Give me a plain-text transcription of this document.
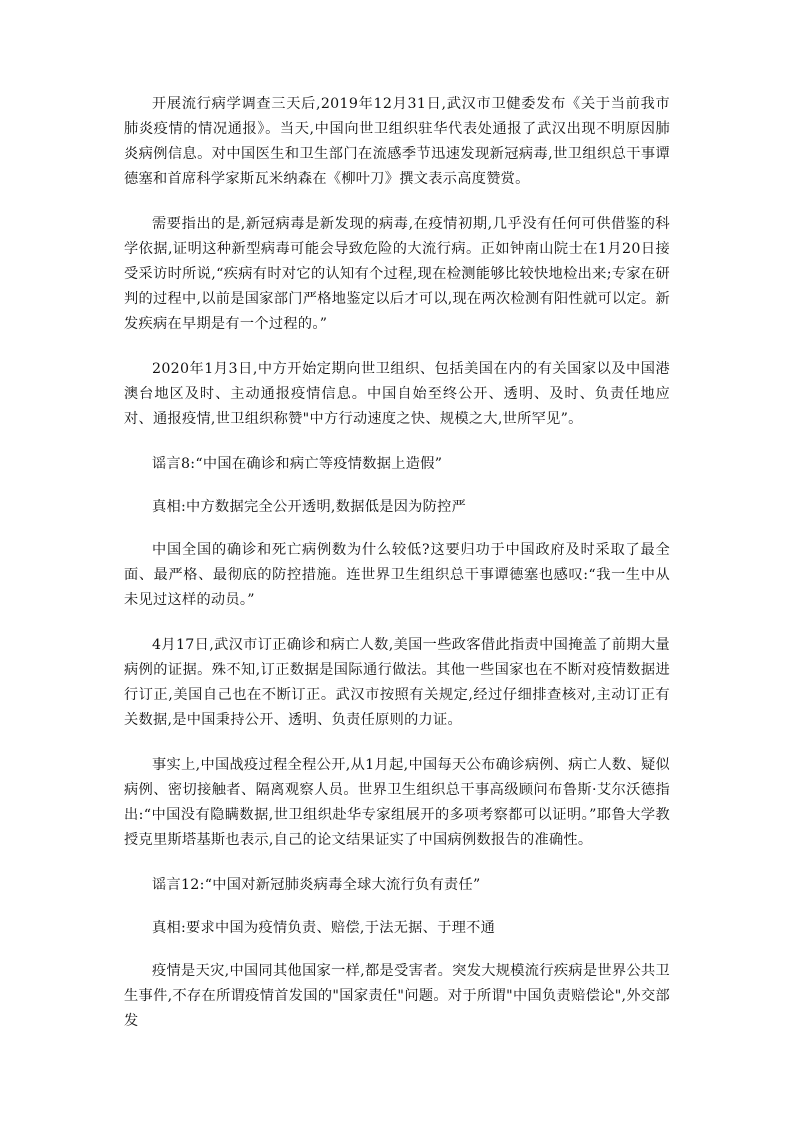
开展流行病学调查三天后,2019年12月31日,武汉市卫健委发布《关于当前我市肺炎疫情的情况通报》。当天,中国向世卫组织驻华代表处通报了武汉出现不明原因肺炎病例信息。对中国医生和卫生部门在流感季节迅速发现新冠病毒,世卫组织总干事谭德塞和首席科学家斯瓦米纳森在《柳叶刀》撰文表示高度赞赏。

需要指出的是,新冠病毒是新发现的病毒,在疫情初期,几乎没有任何可供借鉴的科学依据,证明这种新型病毒可能会导致危险的大流行病。正如钟南山院士在1月20日接受采访时所说,“疾病有时对它的认知有个过程,现在检测能够比较快地检出来;专家在研判的过程中,以前是国家部门严格地鉴定以后才可以,现在两次检测有阳性就可以定。新发疾病在早期是有一个过程的。”

2020年1月3日,中方开始定期向世卫组织、包括美国在内的有关国家以及中国港澳台地区及时、主动通报疫情信息。中国自始至终公开、透明、及时、负责任地应对、通报疫情,世卫组织称赞"中方行动速度之快、规模之大,世所罕见”。

谣言8:“中国在确诊和病亡等疫情数据上造假”

真相:中方数据完全公开透明,数据低是因为防控严

中国全国的确诊和死亡病例数为什么较低?这要归功于中国政府及时采取了最全面、最严格、最彻底的防控措施。连世界卫生组织总干事谭德塞也感叹:“我一生中从未见过这样的动员。”

4月17日,武汉市订正确诊和病亡人数,美国一些政客借此指责中国掩盖了前期大量病例的证据。殊不知,订正数据是国际通行做法。其他一些国家也在不断对疫情数据进行订正,美国自己也在不断订正。武汉市按照有关规定,经过仔细排查核对,主动订正有关数据,是中国秉持公开、透明、负责任原则的力证。

事实上,中国战疫过程全程公开,从1月起,中国每天公布确诊病例、病亡人数、疑似病例、密切接触者、隔离观察人员。世界卫生组织总干事高级顾问布鲁斯·艾尔沃德指出:“中国没有隐瞒数据,世卫组织赴华专家组展开的多项考察都可以证明。”耶鲁大学教授克里斯塔基斯也表示,自己的论文结果证实了中国病例数报告的准确性。

谣言12:“中国对新冠肺炎病毒全球大流行负有责任”

真相:要求中国为疫情负责、赔偿,于法无据、于理不通

疫情是天灾,中国同其他国家一样,都是受害者。突发大规模流行疾病是世界公共卫生事件,不存在所谓疫情首发国的"国家责任"问题。对于所谓"中国负责赔偿论",外交部发
